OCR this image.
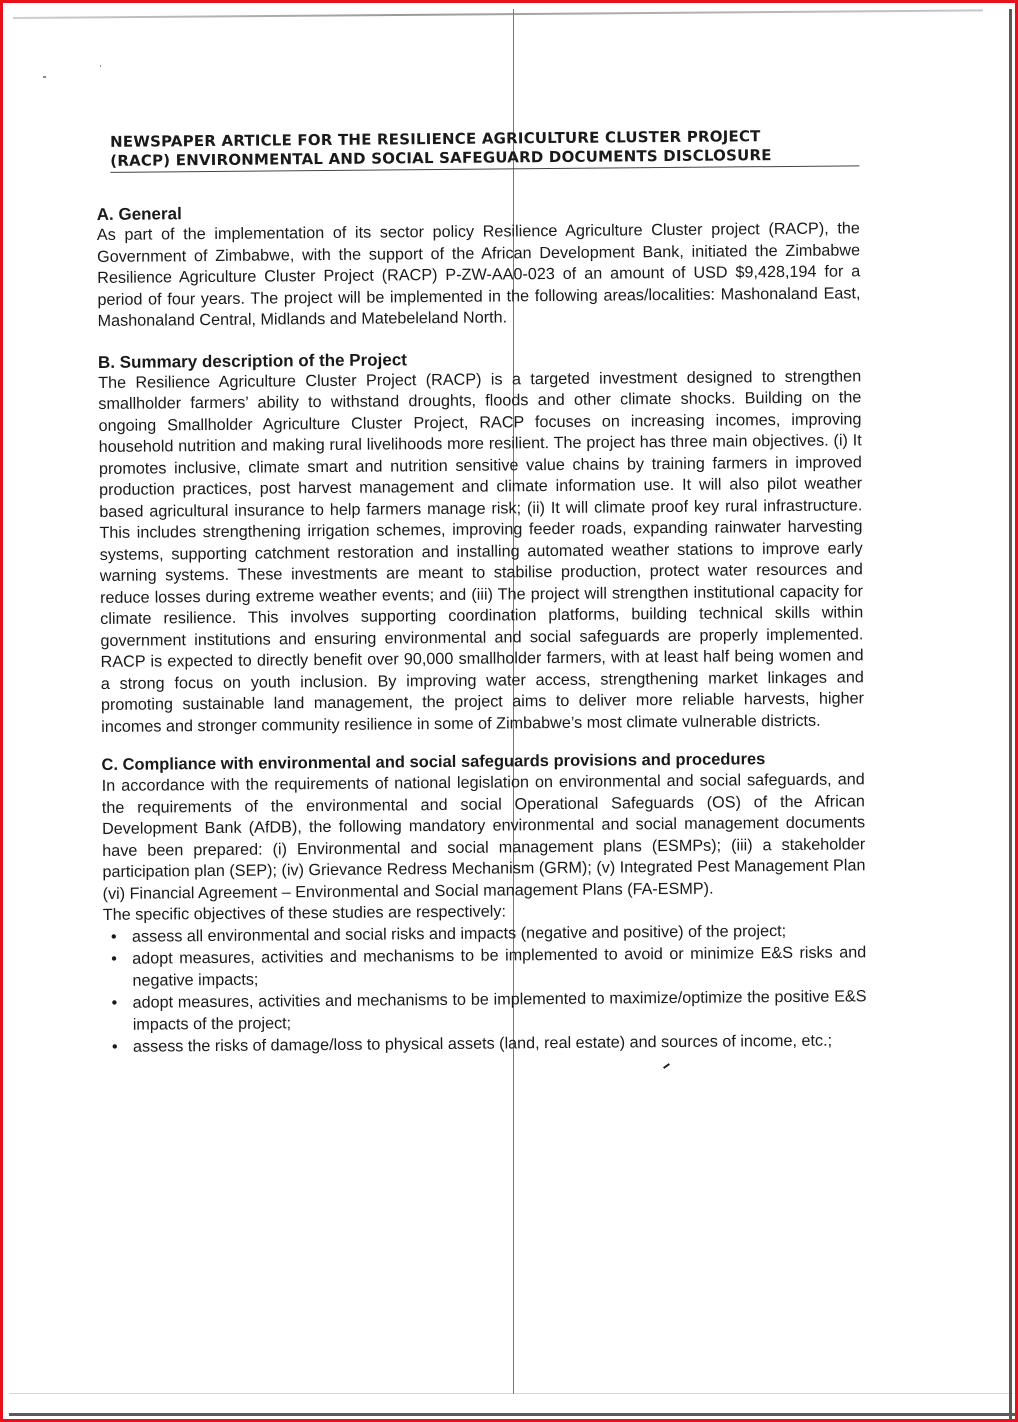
NEWSPAPER ARTICLE FOR THE RESILIENCE AGRICULTURE CLUSTER PROJECT
(RACP) ENVIRONMENTAL AND SOCIAL SAFEGUARD DOCUMENTS DISCLOSURE
A. General

As part of the implementation of its sector policy Resilience Agriculture Cluster project (RACP), the Government of Zimbabwe, with the support of the African Development Bank, initiated the Zimbabwe Resilience Agriculture Cluster Project (RACP) P-ZW-AA0-023 of an amount of USD $9,428,194 for a period of four years. The project will be implemented in the following areas/localities: Mashonaland East, Mashonaland Central, Midlands and Matebeleland North.

B. Summary description of the Project

The Resilience Agriculture Cluster Project (RACP) is a targeted investment designed to strengthen smallholder farmers’ ability to withstand droughts, floods and other climate shocks. Building on the ongoing Smallholder Agriculture Cluster Project, RACP focuses on increasing incomes, improving household nutrition and making rural livelihoods more resilient. The project has three main objectives. (i) It promotes inclusive, climate smart and nutrition sensitive value chains by training farmers in improved production practices, post harvest management and climate information use. It will also pilot weather based agricultural insurance to help farmers manage risk; (ii) It will climate proof key rural infrastructure. This includes strengthening irrigation schemes, improving feeder roads, expanding rainwater harvesting systems, supporting catchment restoration and installing automated weather stations to improve early warning systems. These investments are meant to stabilise production, protect water resources and reduce losses during extreme weather events; and (iii) The project will strengthen institutional capacity for climate resilience. This involves supporting coordination platforms, building technical skills within government institutions and ensuring environmental and social safeguards are properly implemented. RACP is expected to directly benefit over 90,000 smallholder farmers, with at least half being women and a strong focus on youth inclusion. By improving water access, strengthening market linkages and promoting sustainable land management, the project aims to deliver more reliable harvests, higher incomes and stronger community resilience in some of Zimbabwe’s most climate vulnerable districts.

C. Compliance with environmental and social safeguards provisions and procedures

In accordance with the requirements of national legislation on environmental and social safeguards, and the requirements of the environmental and social Operational Safeguards (OS) of the African Development Bank (AfDB), the following mandatory environmental and social management documents have been prepared: (i) Environmental and social management plans (ESMPs); (iii) a stakeholder participation plan (SEP); (iv) Grievance Redress Mechanism (GRM); (v) Integrated Pest Management Plan (vi) Financial Agreement – Environmental and Social management Plans (FA-ESMP).

The specific objectives of these studies are respectively:

• assess all environmental and social risks and impacts (negative and positive) of the project;
• adopt measures, activities and mechanisms to be implemented to avoid or minimize E&S risks and negative impacts;
• adopt measures, activities and mechanisms to be implemented to maximize/optimize the positive E&S impacts of the project;
• assess the risks of damage/loss to physical assets (land, real estate) and sources of income, etc.;
